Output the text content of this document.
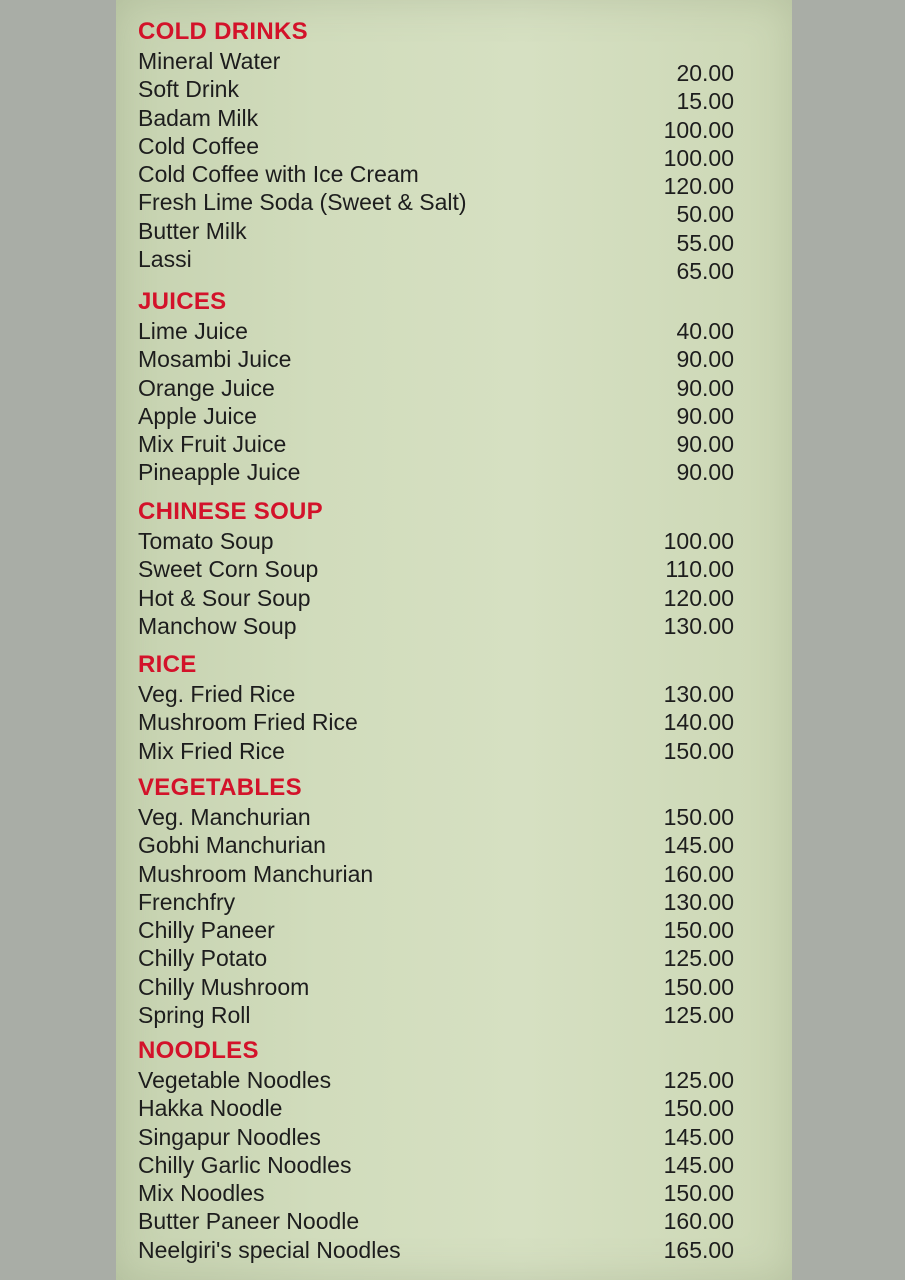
COLD DRINKS
Mineral Water	20.00
Soft Drink	15.00
Badam Milk	100.00
Cold Coffee	100.00
Cold Coffee with Ice Cream	120.00
Fresh Lime Soda (Sweet & Salt)	50.00
Butter Milk	55.00
Lassi	65.00
JUICES
Lime Juice	40.00
Mosambi Juice	90.00
Orange Juice	90.00
Apple Juice	90.00
Mix Fruit Juice	90.00
Pineapple Juice	90.00
CHINESE SOUP
Tomato Soup	100.00
Sweet Corn Soup	110.00
Hot & Sour Soup	120.00
Manchow Soup	130.00
RICE
Veg. Fried Rice	130.00
Mushroom Fried Rice	140.00
Mix Fried Rice	150.00
VEGETABLES
Veg. Manchurian	150.00
Gobhi Manchurian	145.00
Mushroom Manchurian	160.00
Frenchfry	130.00
Chilly Paneer	150.00
Chilly Potato	125.00
Chilly Mushroom	150.00
Spring Roll	125.00
NOODLES
Vegetable Noodles	125.00
Hakka Noodle	150.00
Singapur Noodles	145.00
Chilly Garlic Noodles	145.00
Mix Noodles	150.00
Butter Paneer Noodle	160.00
Neelgiri's special Noodles	165.00
